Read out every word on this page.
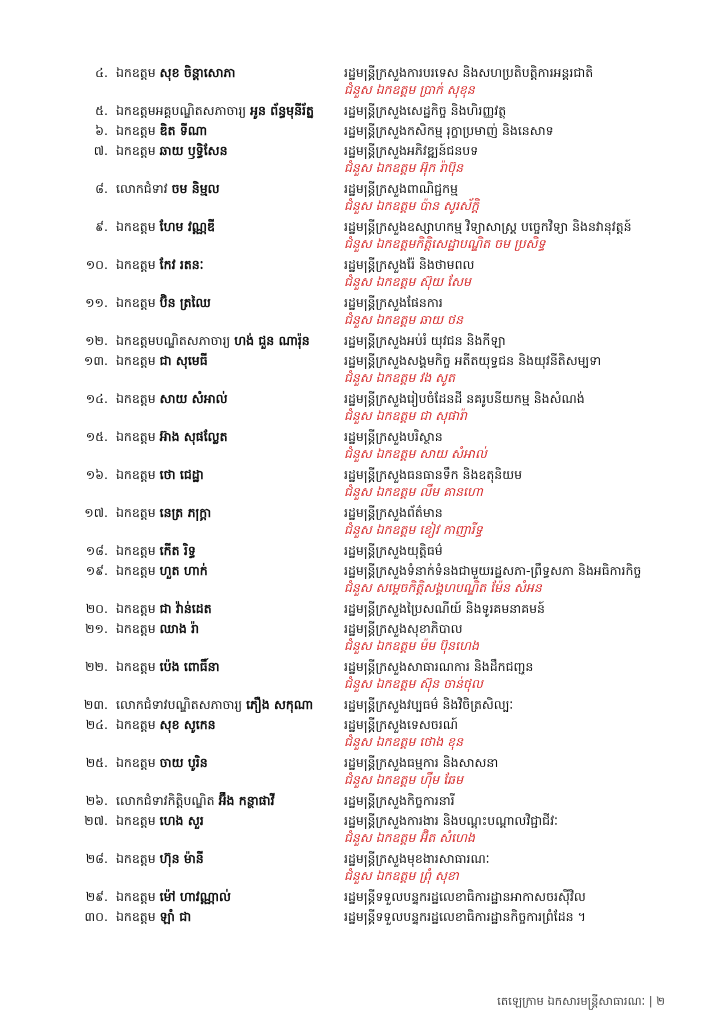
៤. ឯកឧត្តម សុខ ចិន្ដាសោភា	រដ្ឋមន្ត្រីក្រសួងការបរទេស និងសហប្រតិបត្តិការអន្តរជាតិ
ជំនួស ឯកឧត្តម ប្រាក់ សុខុន
៥. ឯកឧត្តមអគ្គបណ្ឌិតសភាចារ្យ អូន ព័ន្ធមុនីរ័ត្ន	រដ្ឋមន្ត្រីក្រសួងសេដ្ឋកិច្ច និងហិរញ្ញវត្ថុ
៦. ឯកឧត្តម ឌិត ទីណា	រដ្ឋមន្ត្រីក្រសួងកសិកម្ម រុក្ខាប្រមាញ់ និងនេសាទ
៧. ឯកឧត្តម ឆាយ ឫទ្ធិសែន	រដ្ឋមន្ត្រីក្រសួងអភិវឌ្ឍន៍ជនបទ
ជំនួស ឯកឧត្តម អ៊ុក រ៉ាប៊ុន
៨. លោកជំទាវ ចម និម្មល	រដ្ឋមន្ត្រីក្រសួងពាណិជ្ជកម្ម
ជំនួស ឯកឧត្តម ប៉ាន សូរស័ក្តិ
៩. ឯកឧត្តម ហែម វណ្ណឌី	រដ្ឋមន្ត្រីក្រសួងឧស្សាហកម្ម វិទ្យាសាស្ត្រ បច្ចេកវិទ្យា និងនវានុវត្តន៍
ជំនួស ឯកឧត្តមកិត្តិសេដ្ឋាបណ្ឌិត ចម ប្រសិទ្ធ
១០. ឯកឧត្តម កែវ រតនៈ	រដ្ឋមន្ត្រីក្រសួងរ៉ែ និងថាមពល
ជំនួស ឯកឧត្តម ស៊ុយ សែម
១១. ឯកឧត្តម ប៊ិន ត្រឈៃ	រដ្ឋមន្ត្រីក្រសួងផែនការ
ជំនួស ឯកឧត្តម ឆាយ ថន
១២. ឯកឧត្តមបណ្ឌិតសភាចារ្យ ហង់ ជួន ណារ៉ុន	រដ្ឋមន្ត្រីក្រសួងអប់រំ យុវជន និងកីឡា
១៣. ឯកឧត្តម ជា សុមេធី	រដ្ឋមន្ត្រីក្រសួងសង្គមកិច្ច អតីតយុទ្ធជន និងយុវនីតិសម្បទា
ជំនួស ឯកឧត្តម វង សូត
១៤. ឯកឧត្តម សាយ សំអាល់	រដ្ឋមន្ត្រីក្រសួងរៀបចំដែនដី នគរូបនីយកម្ម និងសំណង់
ជំនួស ឯកឧត្តម ជា សុផារ៉ា
១៥. ឯកឧត្តម អ៊ាង សុផល្លែត	រដ្ឋមន្ត្រីក្រសួងបរិស្ថាន
ជំនួស ឯកឧត្តម សាយ សំអាល់
១៦. ឯកឧត្តម ថោ ជេដ្ឋា	រដ្ឋមន្ត្រីក្រសួងធនធានទឹក និងឧតុនិយម
ជំនួស ឯកឧត្តម លឹម គានហោ
១៧. ឯកឧត្តម នេត្រ ភក្ត្រា	រដ្ឋមន្ត្រីក្រសួងព័ត៌មាន
ជំនួស ឯកឧត្តម ខៀវ កាញារីទ្ធ
១៨. ឯកឧត្តម កើត រិទ្ធ	រដ្ឋមន្ត្រីក្រសួងយុត្តិធម៌
១៩. ឯកឧត្តម ហួត ហាក់	រដ្ឋមន្ត្រីក្រសួងទំនាក់ទំនងជាមួយរដ្ឋសភា-ព្រឹទ្ធសភា និងអធិការកិច្ច
ជំនួស សម្តេចកិត្តិសង្គហបណ្ឌិត ម៉ែន សំអន
២០. ឯកឧត្តម ជា វ៉ាន់ដេត	រដ្ឋមន្ត្រីក្រសួងប្រៃសណីយ៍ និងទូរគមនាគមន៍
២១. ឯកឧត្តម ឈាង រ៉ា	រដ្ឋមន្ត្រីក្រសួងសុខាភិបាល
ជំនួស ឯកឧត្តម ម៉ម ប៊ុនហេង
២២. ឯកឧត្តម ប៉េង ពោធិ៍នា	រដ្ឋមន្ត្រីក្រសួងសាធារណការ និងដឹកជញ្ជូន
ជំនួស ឯកឧត្តម ស៊ុន ចាន់ថុល
២៣. លោកជំទាវបណ្ឌិតសភាចារ្យ ភឿង សកុណា	រដ្ឋមន្ត្រីក្រសួងវប្បធម៌ និងវិចិត្រសិល្បៈ
២៤. ឯកឧត្តម សុខ សូកេន	រដ្ឋមន្ត្រីក្រសួងទេសចរណ៍
ជំនួស ឯកឧត្តម ថោង ខុន
២៥. ឯកឧត្តម ចាយ បូរិន	រដ្ឋមន្ត្រីក្រសួងធម្មការ និងសាសនា
ជំនួស ឯកឧត្តម ហ៊ឹម ឆែម
២៦. លោកជំទាវកិត្តិបណ្ឌិត អ៊ឹង កន្ថាផាវី	រដ្ឋមន្ត្រីក្រសួងកិច្ចការនារី
២៧. ឯកឧត្តម ហេង សួរ	រដ្ឋមន្ត្រីក្រសួងការងារ និងបណ្តុះបណ្តាលវិជ្ជាជីវៈ
ជំនួស ឯកឧត្តម អ៊ិត សំហេង
២៨. ឯកឧត្តម ហ៊ុន ម៉ានី	រដ្ឋមន្ត្រីក្រសួងមុខងារសាធារណៈ
ជំនួស ឯកឧត្តម ព្រុំ សុខា
២៩. ឯកឧត្តម ម៉ៅ ហាវណ្ណាល់	រដ្ឋមន្ត្រីទទួលបន្ទុករដ្ឋលេខាធិការដ្ឋានអាកាសចរស៊ីវិល
៣០. ឯកឧត្តម ឡាំ ជា	រដ្ឋមន្ត្រីទទួលបន្ទុករដ្ឋលេខាធិការដ្ឋានកិច្ចការព្រំដែន ។
តេឡេក្រាម ឯកសារមន្ត្រីសាធារណៈ | ២
